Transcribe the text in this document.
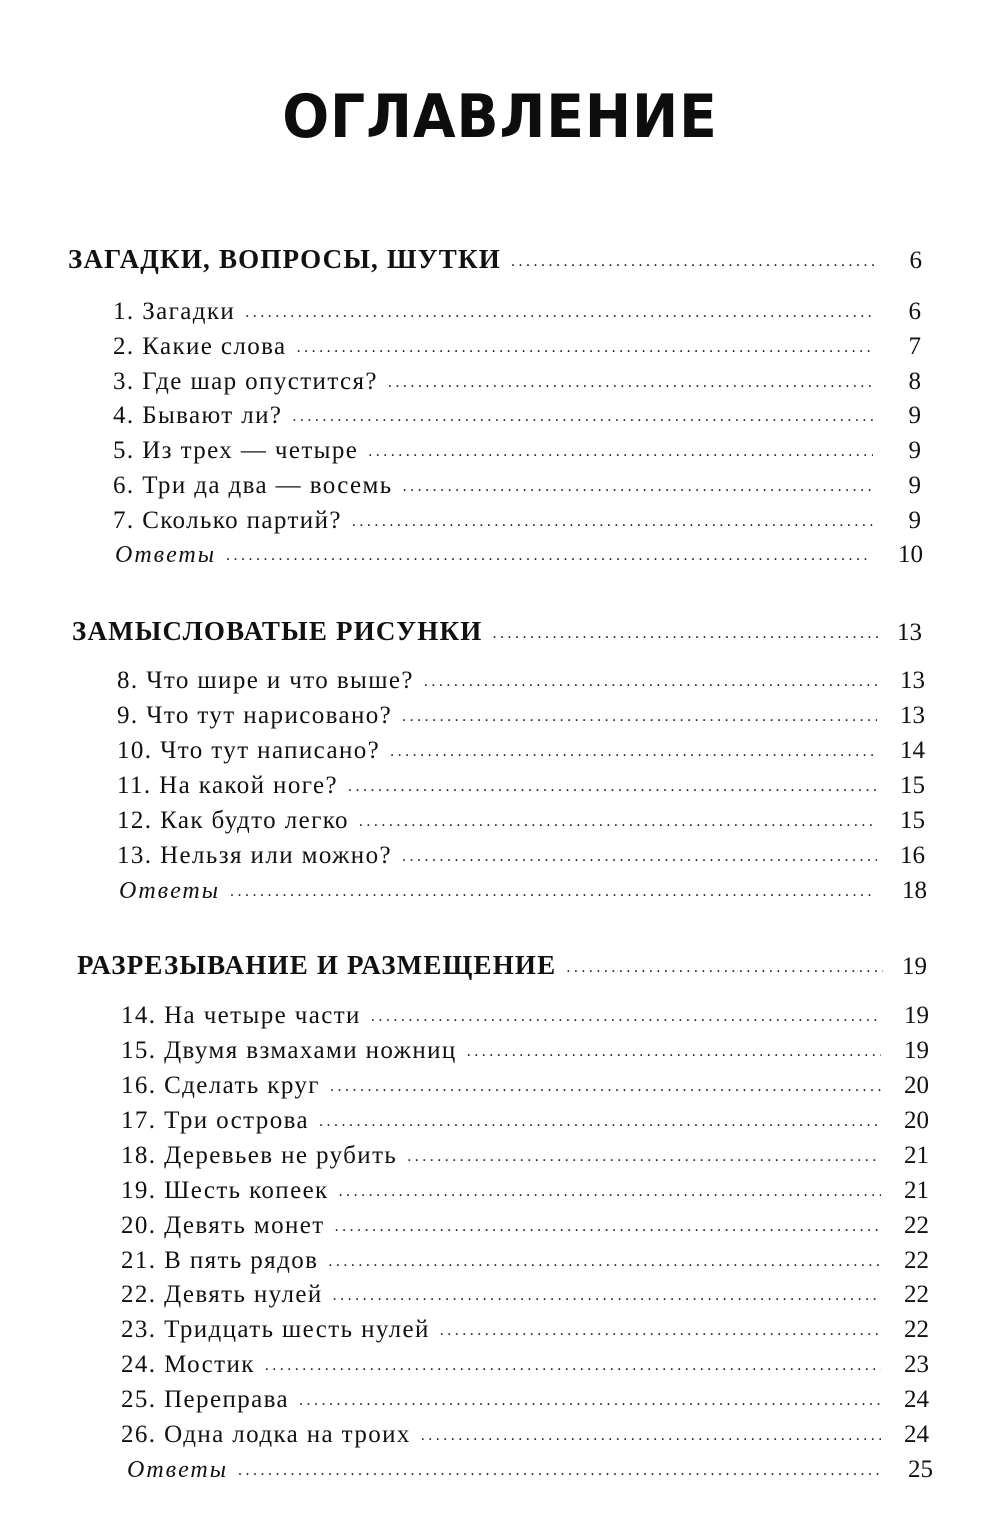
ОГЛАВЛЕНИЕ
ЗАГАДКИ, ВОПРОСЫ, ШУТКИ .....	6
1. Загадки .....	6
2. Какие слова .....	7
3. Где шар опустится? .....	8
4. Бывают ли? .....	9
5. Из трех — четыре .....	9
6. Три да два — восемь .....	9
7. Сколько партий? .....	9
Ответы .....	10
ЗАМЫСЛОВАТЫЕ РИСУНКИ .....	13
8. Что шире и что выше? .....	13
9. Что тут нарисовано? .....	13
10. Что тут написано? .....	14
11. На какой ноге? .....	15
12. Как будто легко .....	15
13. Нельзя или можно? .....	16
Ответы .....	18
РАЗРЕЗЫВАНИЕ И РАЗМЕЩЕНИЕ .....	19
14. На четыре части .....	19
15. Двумя взмахами ножниц .....	19
16. Сделать круг .....	20
17. Три острова .....	20
18. Деревьев не рубить .....	21
19. Шесть копеек .....	21
20. Девять монет .....	22
21. В пять рядов .....	22
22. Девять нулей .....	22
23. Тридцать шесть нулей .....	22
24. Мостик .....	23
25. Переправа .....	24
26. Одна лодка на троих .....	24
Ответы .....	25
